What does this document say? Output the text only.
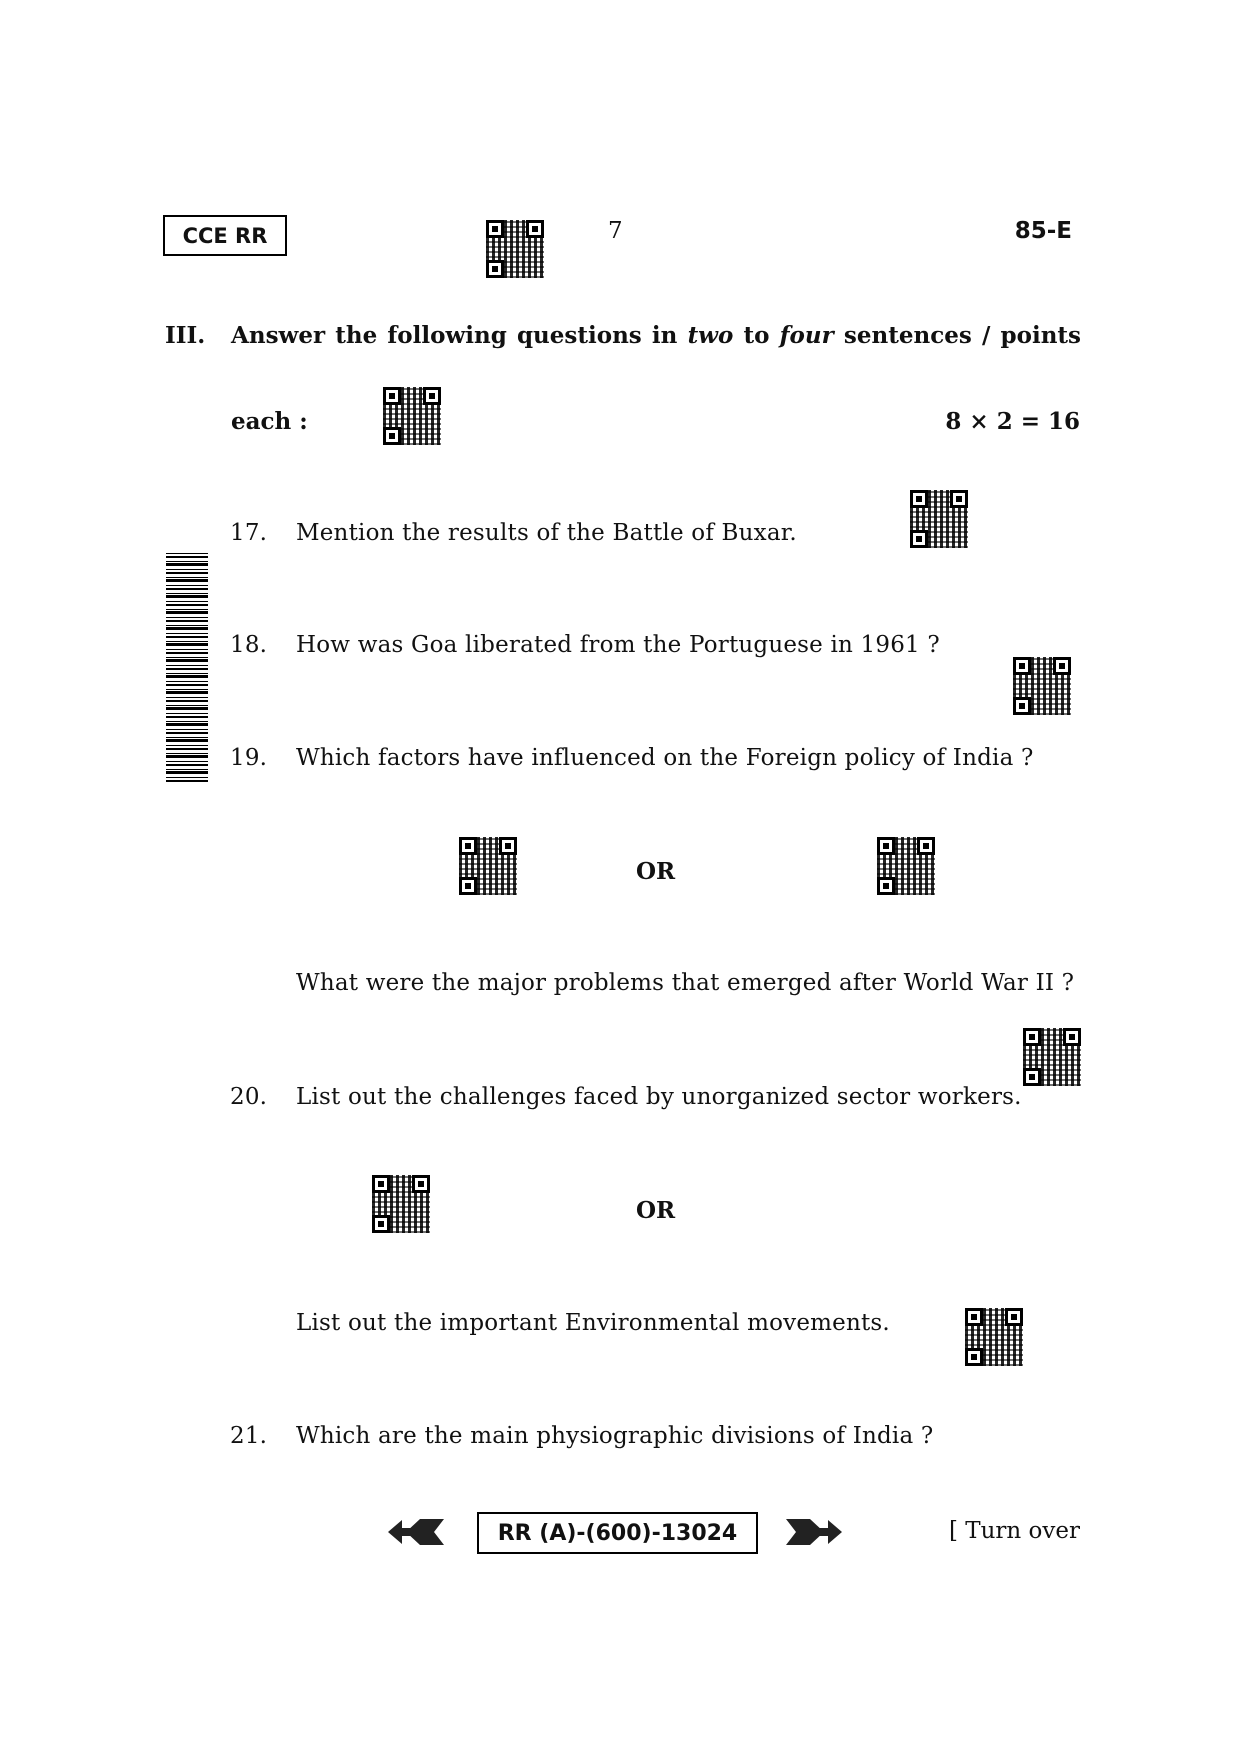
CCE RR	7	85-E
III. Answer the following questions in two to four sentences / points
each :	8 × 2 = 16
17. Mention the results of the Battle of Buxar.
18. How was Goa liberated from the Portuguese in 1961 ?
19. Which factors have influenced on the Foreign policy of India ?
OR
What were the major problems that emerged after World War II ?
20. List out the challenges faced by unorganized sector workers.
OR
List out the important Environmental movements.
21. Which are the main physiographic divisions of India ?
RR (A)-(600)-13024	[ Turn over
